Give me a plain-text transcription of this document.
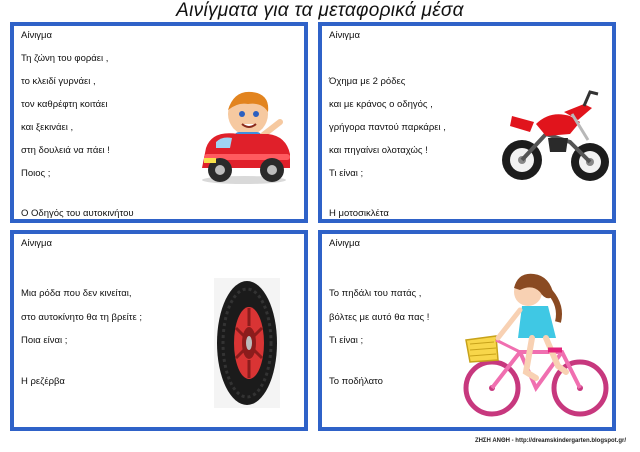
Αινίγματα για τα μεταφορικά μέσα
Αίνιγμα
Τη ζώνη του φοράει ,
το κλειδί γυρνάει ,
τον καθρέφτη κοιτάει
και ξεκινάει ,
στη δουλειά να πάει !
Ποιος ;
Ο Οδηγός του αυτοκινήτου
Αίνιγμα
Όχημα με 2 ρόδες
και με κράνος ο οδηγός ,
γρήγορα παντού παρκάρει ,
και πηγαίνει ολοταχώς !
Τι είναι ;
Η μοτοσικλέτα
Αίνιγμα
Μια ρόδα που δεν κινείται,
στο αυτοκίνητο θα τη βρείτε ;
Ποια είναι ;
Η ρεζέρβα
Αίνιγμα
Το πηδάλι του πατάς ,
βόλτες με αυτό θα πας !
Τι είναι ;
Το ποδήλατο
ΖΗΣΗ ΑΝΘΗ - http://dreamskindergarten.blogspot.gr/
